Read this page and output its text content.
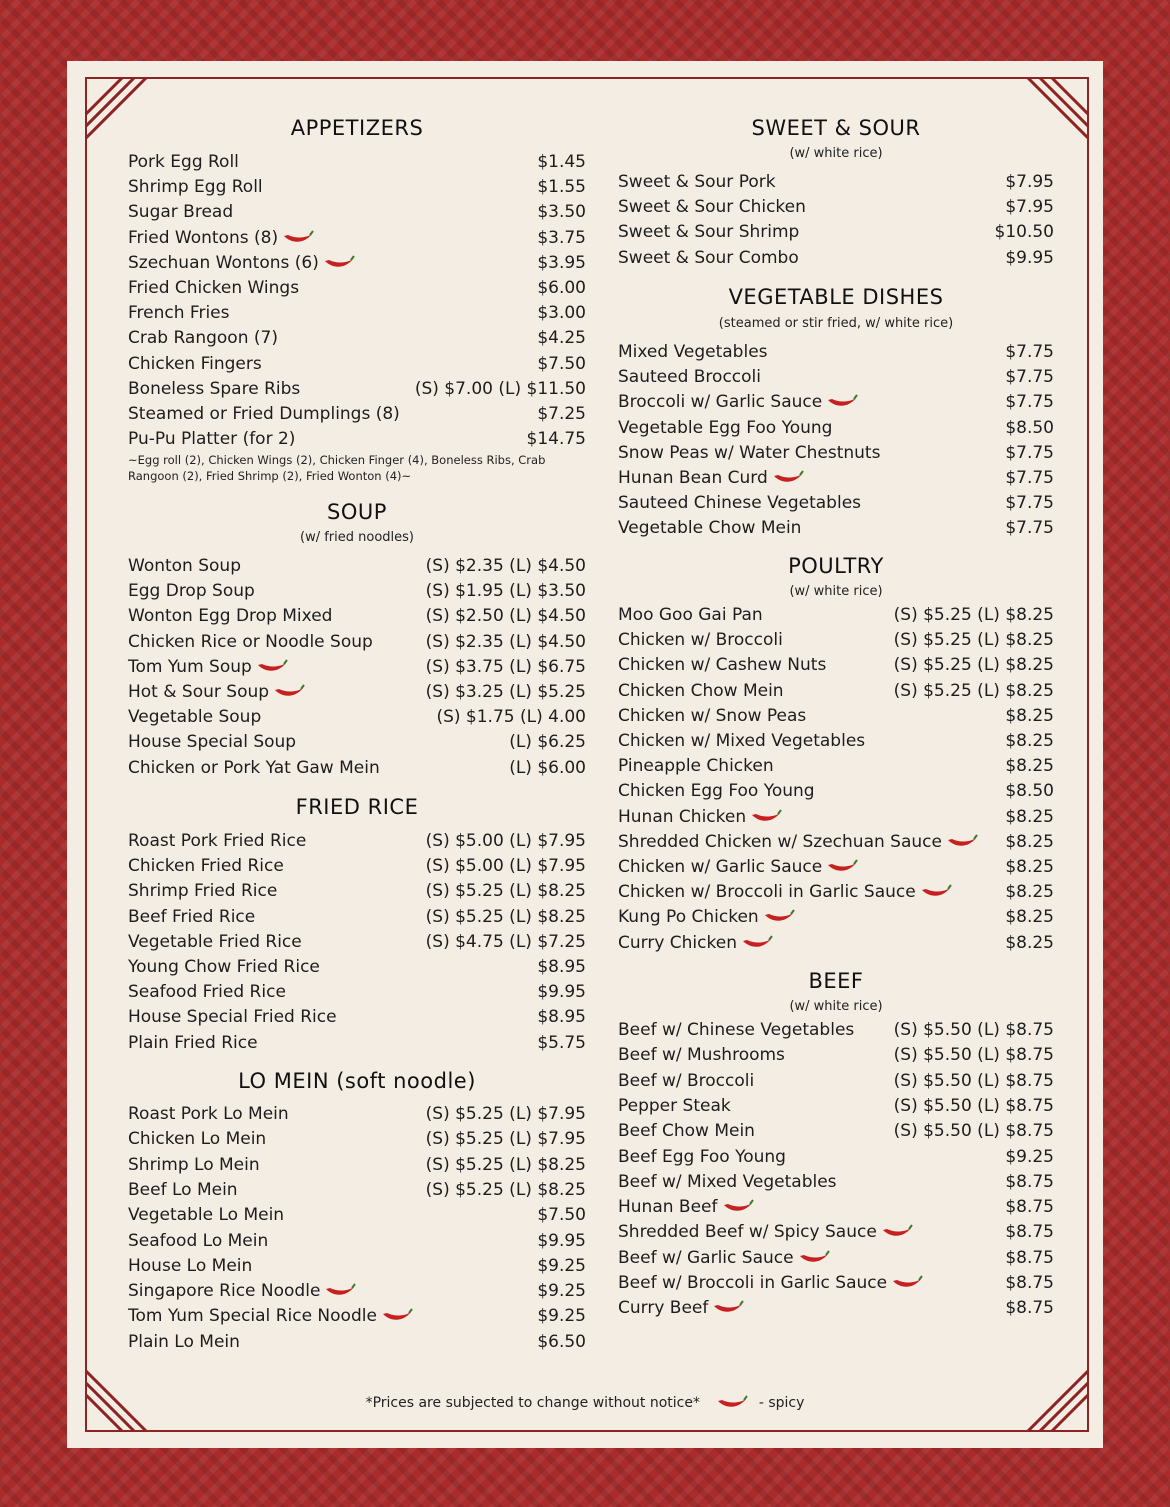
APPETIZERS
~Egg roll (2), Chicken Wings (2), Chicken Finger (4), Boneless Ribs, Crab Rangoon (2), Fried Shrimp (2), Fried Wonton (4)~
SOUP
(w/ fried noodles)
FRIED RICE
LO MEIN (soft noodle)
Pork Egg Roll	$1.45
Shrimp Egg Roll	$1.55
Sugar Bread	$3.50
Fried Wontons (8)	$3.75
Szechuan Wontons (6)	$3.95
Fried Chicken Wings	$6.00
French Fries	$3.00
Crab Rangoon (7)	$4.25
Chicken Fingers	$7.50
Boneless Spare Ribs	(S) $7.00 (L) $11.50
Steamed or Fried Dumplings (8)	$7.25
Pu-Pu Platter (for 2)	$14.75
Wonton Soup	(S) $2.35 (L) $4.50
Egg Drop Soup	(S) $1.95 (L) $3.50
Wonton Egg Drop Mixed	(S) $2.50 (L) $4.50
Chicken Rice or Noodle Soup	(S) $2.35 (L) $4.50
Tom Yum Soup	(S) $3.75 (L) $6.75
Hot & Sour Soup	(S) $3.25 (L) $5.25
Vegetable Soup	(S) $1.75 (L) 4.00
House Special Soup	(L) $6.25
Chicken or Pork Yat Gaw Mein	(L) $6.00
Roast Pork Fried Rice	(S) $5.00 (L) $7.95
Chicken Fried Rice	(S) $5.00 (L) $7.95
Shrimp Fried Rice	(S) $5.25 (L) $8.25
Beef Fried Rice	(S) $5.25 (L) $8.25
Vegetable Fried Rice	(S) $4.75 (L) $7.25
Young Chow Fried Rice	$8.95
Seafood Fried Rice	$9.95
House Special Fried Rice	$8.95
Plain Fried Rice	$5.75
Roast Pork Lo Mein	(S) $5.25 (L) $7.95
Chicken Lo Mein	(S) $5.25 (L) $7.95
Shrimp Lo Mein	(S) $5.25 (L) $8.25
Beef Lo Mein	(S) $5.25 (L) $8.25
Vegetable Lo Mein	$7.50
Seafood Lo Mein	$9.95
House Lo Mein	$9.25
Singapore Rice Noodle	$9.25
Tom Yum Special Rice Noodle	$9.25
Plain Lo Mein	$6.50
SWEET & SOUR
(w/ white rice)
VEGETABLE DISHES
(steamed or stir fried, w/ white rice)
POULTRY
(w/ white rice)
BEEF
(w/ white rice)
Sweet & Sour Pork	$7.95
Sweet & Sour Chicken	$7.95
Sweet & Sour Shrimp	$10.50
Sweet & Sour Combo	$9.95
Mixed Vegetables	$7.75
Sauteed Broccoli	$7.75
Broccoli w/ Garlic Sauce	$7.75
Vegetable Egg Foo Young	$8.50
Snow Peas w/ Water Chestnuts	$7.75
Hunan Bean Curd	$7.75
Sauteed Chinese Vegetables	$7.75
Vegetable Chow Mein	$7.75
Moo Goo Gai Pan	(S) $5.25 (L) $8.25
Chicken w/ Broccoli	(S) $5.25 (L) $8.25
Chicken w/ Cashew Nuts	(S) $5.25 (L) $8.25
Chicken Chow Mein	(S) $5.25 (L) $8.25
Chicken w/ Snow Peas	$8.25
Chicken w/ Mixed Vegetables	$8.25
Pineapple Chicken	$8.25
Chicken Egg Foo Young	$8.50
Hunan Chicken	$8.25
Shredded Chicken w/ Szechuan Sauce	$8.25
Chicken w/ Garlic Sauce	$8.25
Chicken w/ Broccoli in Garlic Sauce	$8.25
Kung Po Chicken	$8.25
Curry Chicken	$8.25
Beef w/ Chinese Vegetables (S) $5.50 (L) $8.75
Beef w/ Mushrooms	(S) $5.50 (L) $8.75
Beef w/ Broccoli	(S) $5.50 (L) $8.75
Pepper Steak	(S) $5.50 (L) $8.75
Beef Chow Mein	(S) $5.50 (L) $8.75
Beef Egg Foo Young	$9.25
Beef w/ Mixed Vegetables	$8.75
Hunan Beef	$8.75
Shredded Beef w/ Spicy Sauce	$8.75
Beef w/ Garlic Sauce	$8.75
Beef w/ Broccoli in Garlic Sauce	$8.75
Curry Beef	$8.75
*Prices are subjected to change without notice*	- spicy
